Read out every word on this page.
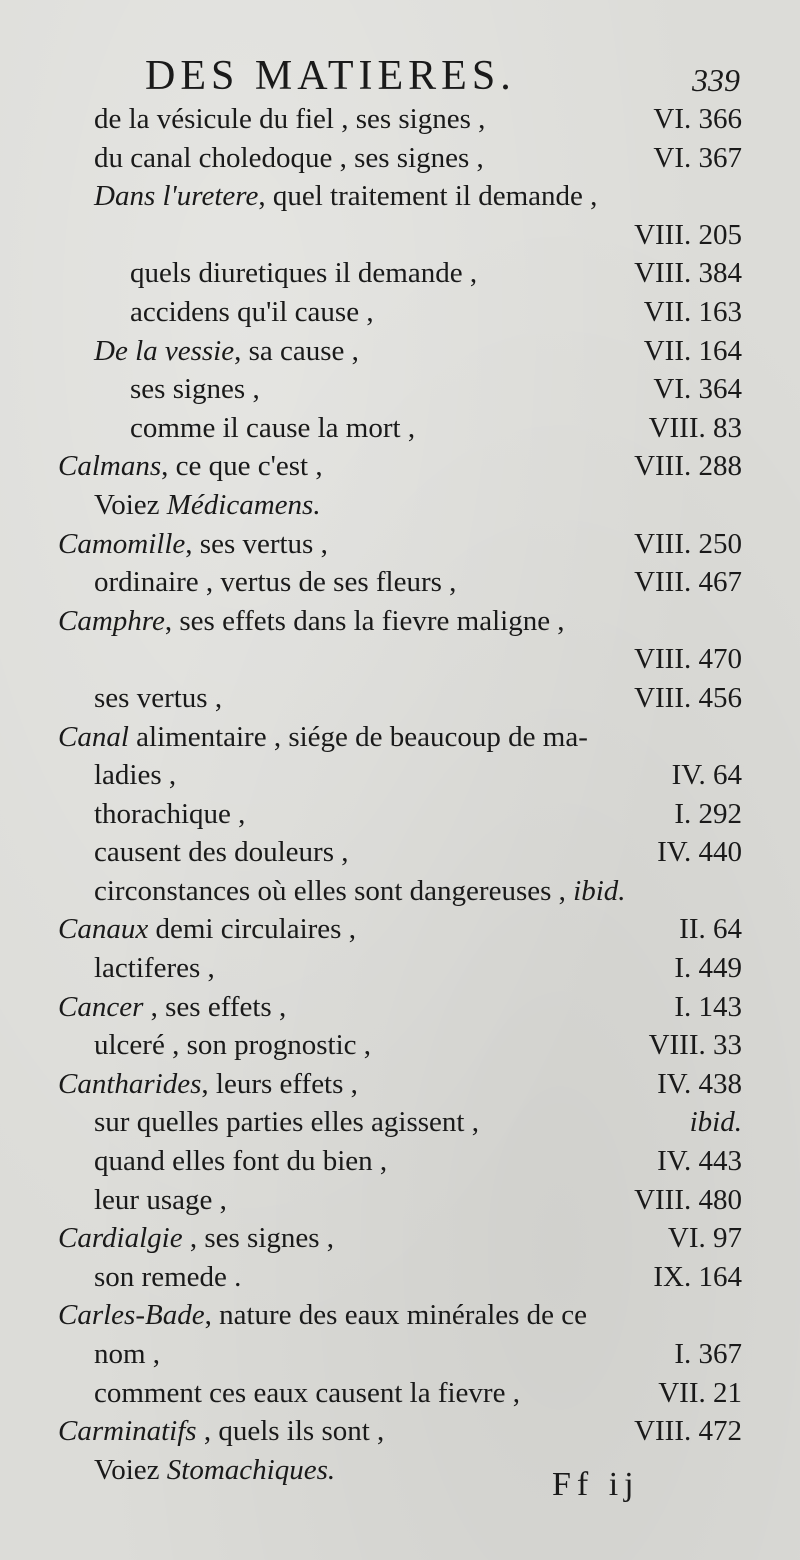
DES MATIERES.	339
de la vésicule du fiel , ses signes ,	VI. 366
du canal choledoque , ses signes ,	VI. 367
Dans l'uretere, quel traitement il demande ,
VIII. 205
quels diuretiques il demande ,	VIII. 384
accidens qu'il cause ,	VII. 163
De la vessie, sa cause ,	VII. 164
ses signes ,	VI. 364
comme il cause la mort ,	VIII. 83
Calmans, ce que c'est ,	VIII. 288
Voiez Médicamens.
Camomille, ses vertus ,	VIII. 250
ordinaire , vertus de ses fleurs ,	VIII. 467
Camphre, ses effets dans la fievre maligne ,
VIII. 470
ses vertus ,	VIII. 456
Canal alimentaire , siége de beaucoup de ma-
ladies ,	IV. 64
thorachique ,	I. 292
causent des douleurs ,	IV. 440
circonstances où elles sont dangereuses , ibid.
Canaux demi circulaires ,	II. 64
lactiferes ,	I. 449
Cancer , ses effets ,	I. 143
ulceré , son prognostic ,	VIII. 33
Cantharides, leurs effets ,	IV. 438
sur quelles parties elles agissent ,	ibid.
quand elles font du bien ,	IV. 443
leur usage ,	VIII. 480
Cardialgie , ses signes ,	VI. 97
son remede .	IX. 164
Carles-Bade, nature des eaux minérales de ce
nom ,	I. 367
comment ces eaux causent la fievre ,	VII. 21
Carminatifs , quels ils sont ,	VIII. 472
Voiez Stomachiques.	Ff ij
